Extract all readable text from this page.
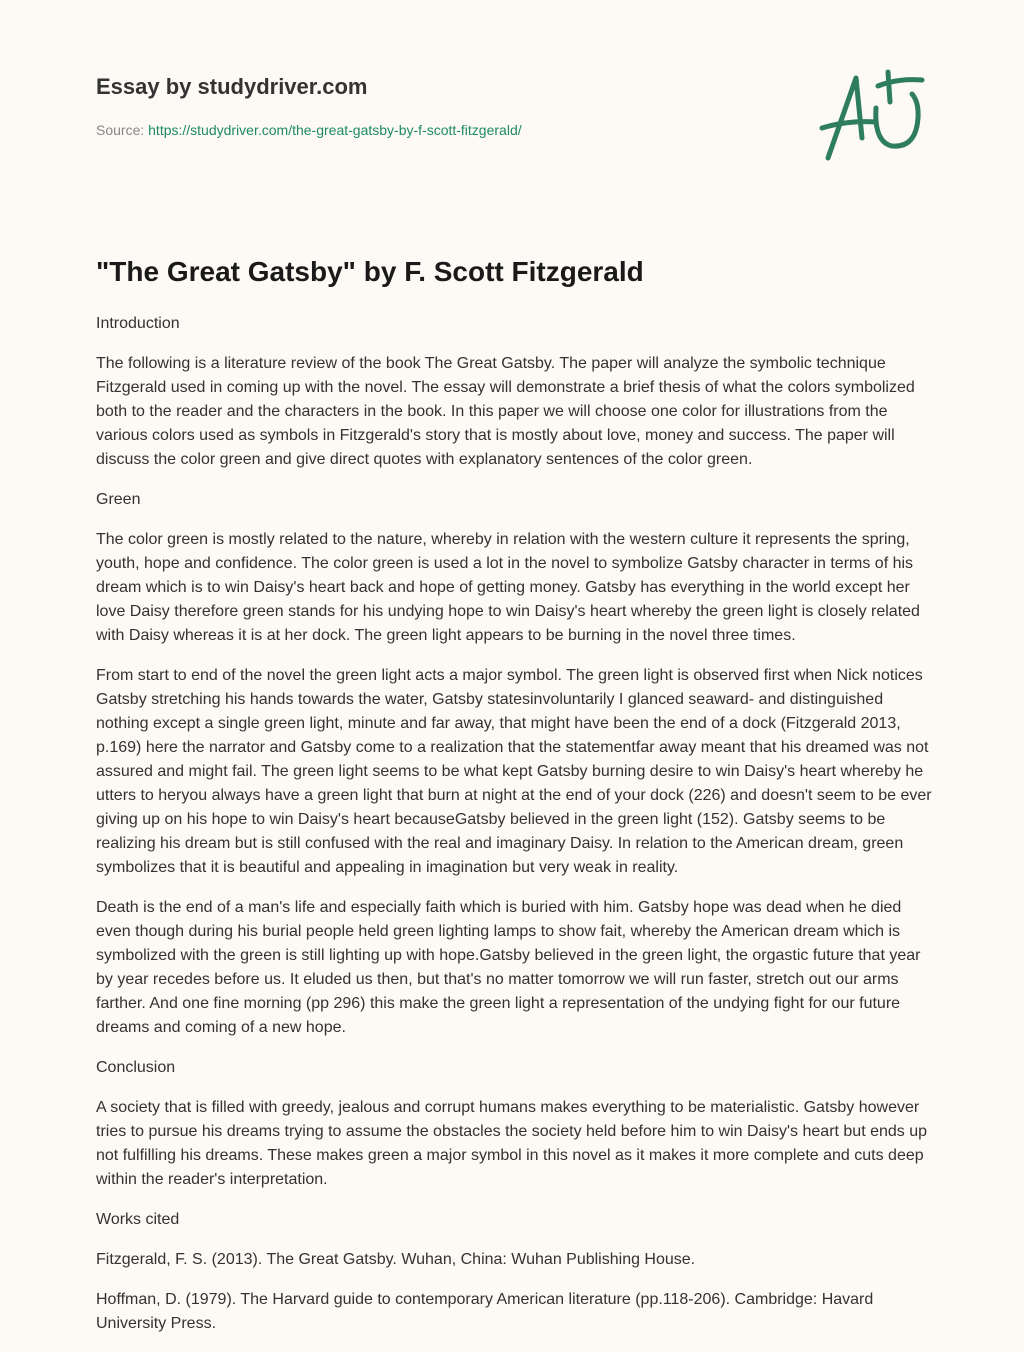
Essay by studydriver.com
Source: https://studydriver.com/the-great-gatsby-by-f-scott-fitzgerald/
"The Great Gatsby" by F. Scott Fitzgerald

Introduction

The following is a literature review of the book The Great Gatsby. The paper will analyze the symbolic technique Fitzgerald used in coming up with the novel. The essay will demonstrate a brief thesis of what the colors symbolized both to the reader and the characters in the book. In this paper we will choose one color for illustrations from the various colors used as symbols in Fitzgerald's story that is mostly about love, money and success. The paper will discuss the color green and give direct quotes with explanatory sentences of the color green.

Green

The color green is mostly related to the nature, whereby in relation with the western culture it represents the spring, youth, hope and confidence. The color green is used a lot in the novel to symbolize Gatsby character in terms of his dream which is to win Daisy's heart back and hope of getting money. Gatsby has everything in the world except her love Daisy therefore green stands for his undying hope to win Daisy's heart whereby the green light is closely related with Daisy whereas it is at her dock. The green light appears to be burning in the novel three times.

From start to end of the novel the green light acts a major symbol. The green light is observed first when Nick notices Gatsby stretching his hands towards the water, Gatsby statesinvoluntarily I glanced seaward- and distinguished nothing except a single green light, minute and far away, that might have been the end of a dock (Fitzgerald 2013, p.169) here the narrator and Gatsby come to a realization that the statementfar away meant that his dreamed was not assured and might fail. The green light seems to be what kept Gatsby burning desire to win Daisy's heart whereby he utters to heryou always have a green light that burn at night at the end of your dock (226) and doesn't seem to be ever giving up on his hope to win Daisy's heart becauseGatsby believed in the green light (152). Gatsby seems to be realizing his dream but is still confused with the real and imaginary Daisy. In relation to the American dream, green symbolizes that it is beautiful and appealing in imagination but very weak in reality.

Death is the end of a man's life and especially faith which is buried with him. Gatsby hope was dead when he died even though during his burial people held green lighting lamps to show fait, whereby the American dream which is symbolized with the green is still lighting up with hope.Gatsby believed in the green light, the orgastic future that year by year recedes before us. It eluded us then, but that's no matter tomorrow we will run faster, stretch out our arms farther. And one fine morning (pp 296) this make the green light a representation of the undying fight for our future dreams and coming of a new hope.

Conclusion

A society that is filled with greedy, jealous and corrupt humans makes everything to be materialistic. Gatsby however tries to pursue his dreams trying to assume the obstacles the society held before him to win Daisy's heart but ends up not fulfilling his dreams. These makes green a major symbol in this novel as it makes it more complete and cuts deep within the reader's interpretation.

Works cited

Fitzgerald, F. S. (2013). The Great Gatsby. Wuhan, China: Wuhan Publishing House.

Hoffman, D. (1979). The Harvard guide to contemporary American literature (pp.118-206). Cambridge: Havard University Press.
